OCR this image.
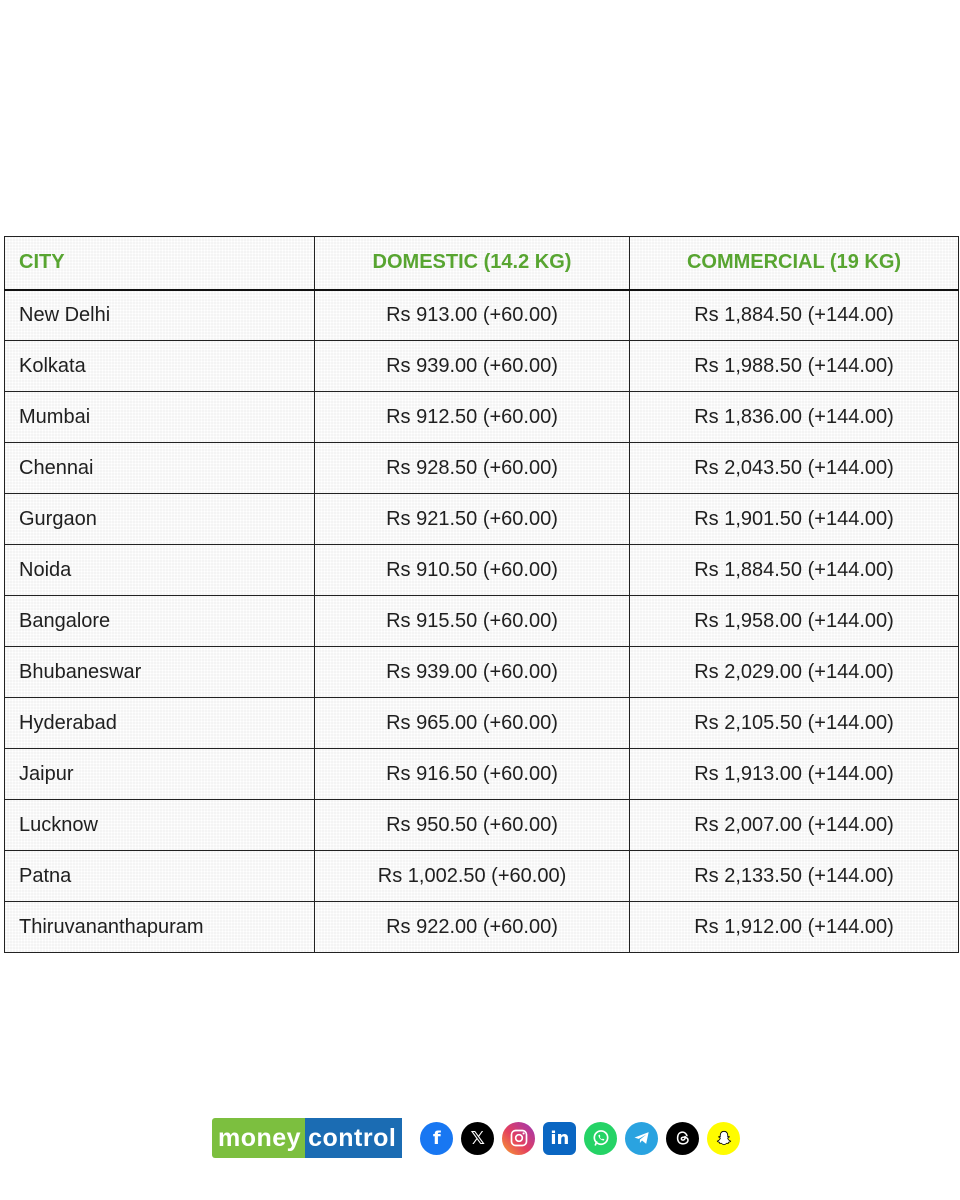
CITY	DOMESTIC (14.2 KG)	COMMERCIAL (19 KG)
New Delhi	Rs 913.00 (+60.00)	Rs 1,884.50 (+144.00)
Kolkata	Rs 939.00 (+60.00)	Rs 1,988.50 (+144.00)
Mumbai	Rs 912.50 (+60.00)	Rs 1,836.00 (+144.00)
Chennai	Rs 928.50 (+60.00)	Rs 2,043.50 (+144.00)
Gurgaon	Rs 921.50 (+60.00)	Rs 1,901.50 (+144.00)
Noida	Rs 910.50 (+60.00)	Rs 1,884.50 (+144.00)
Bangalore	Rs 915.50 (+60.00)	Rs 1,958.00 (+144.00)
Bhubaneswar	Rs 939.00 (+60.00)	Rs 2,029.00 (+144.00)
Hyderabad	Rs 965.00 (+60.00)	Rs 2,105.50 (+144.00)
Jaipur	Rs 916.50 (+60.00)	Rs 1,913.00 (+144.00)
Lucknow	Rs 950.50 (+60.00)	Rs 2,007.00 (+144.00)
Patna	Rs 1,002.50 (+60.00)	Rs 2,133.50 (+144.00)
Thiruvananthapuram	Rs 922.00 (+60.00)	Rs 1,912.00 (+144.00)
money control	f	𝕏	in
